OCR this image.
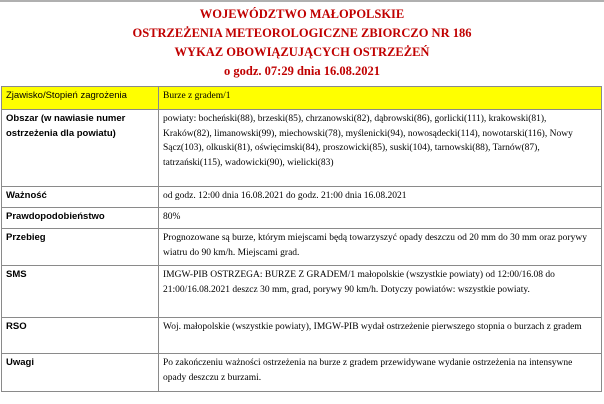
WOJEWÓDZTWO MAŁOPOLSKIE
OSTRZEŻENIA METEOROLOGICZNE ZBIORCZO NR 186
WYKAZ OBOWIĄZUJĄCYCH OSTRZEŻEŃ
o godz. 07:29 dnia 16.08.2021
Zjawisko/Stopień zagrożenia	Burze z gradem/1
Obszar (w nawiasie numer ostrzeżenia dla powiatu)	powiaty: bocheński(88), brzeski(85), chrzanowski(82), dąbrowski(86), gorlicki(111), krakowski(81), Kraków(82), limanowski(99), miechowski(78), myślenicki(94), nowosądecki(114), nowotarski(116), Nowy Sącz(103), olkuski(81), oświęcimski(84), proszowicki(85), suski(104), tarnowski(88), Tarnów(87), tatrzański(115), wadowicki(90), wielicki(83)
Ważność	od godz. 12:00 dnia 16.08.2021 do godz. 21:00 dnia 16.08.2021
Prawdopodobieństwo	80%
Przebieg	Prognozowane są burze, którym miejscami będą towarzyszyć opady deszczu od 20 mm do 30 mm oraz porywy wiatru do 90 km/h. Miejscami grad.
SMS	IMGW-PIB OSTRZEGA: BURZE Z GRADEM/1 małopolskie (wszystkie powiaty) od 12:00/16.08 do 21:00/16.08.2021 deszcz 30 mm, grad, porywy 90 km/h. Dotyczy powiatów: wszystkie powiaty.
RSO	Woj. małopolskie (wszystkie powiaty), IMGW-PIB wydał ostrzeżenie pierwszego stopnia o burzach z gradem
Uwagi	Po zakończeniu ważności ostrzeżenia na burze z gradem przewidywane wydanie ostrzeżenia na intensywne opady deszczu z burzami.
